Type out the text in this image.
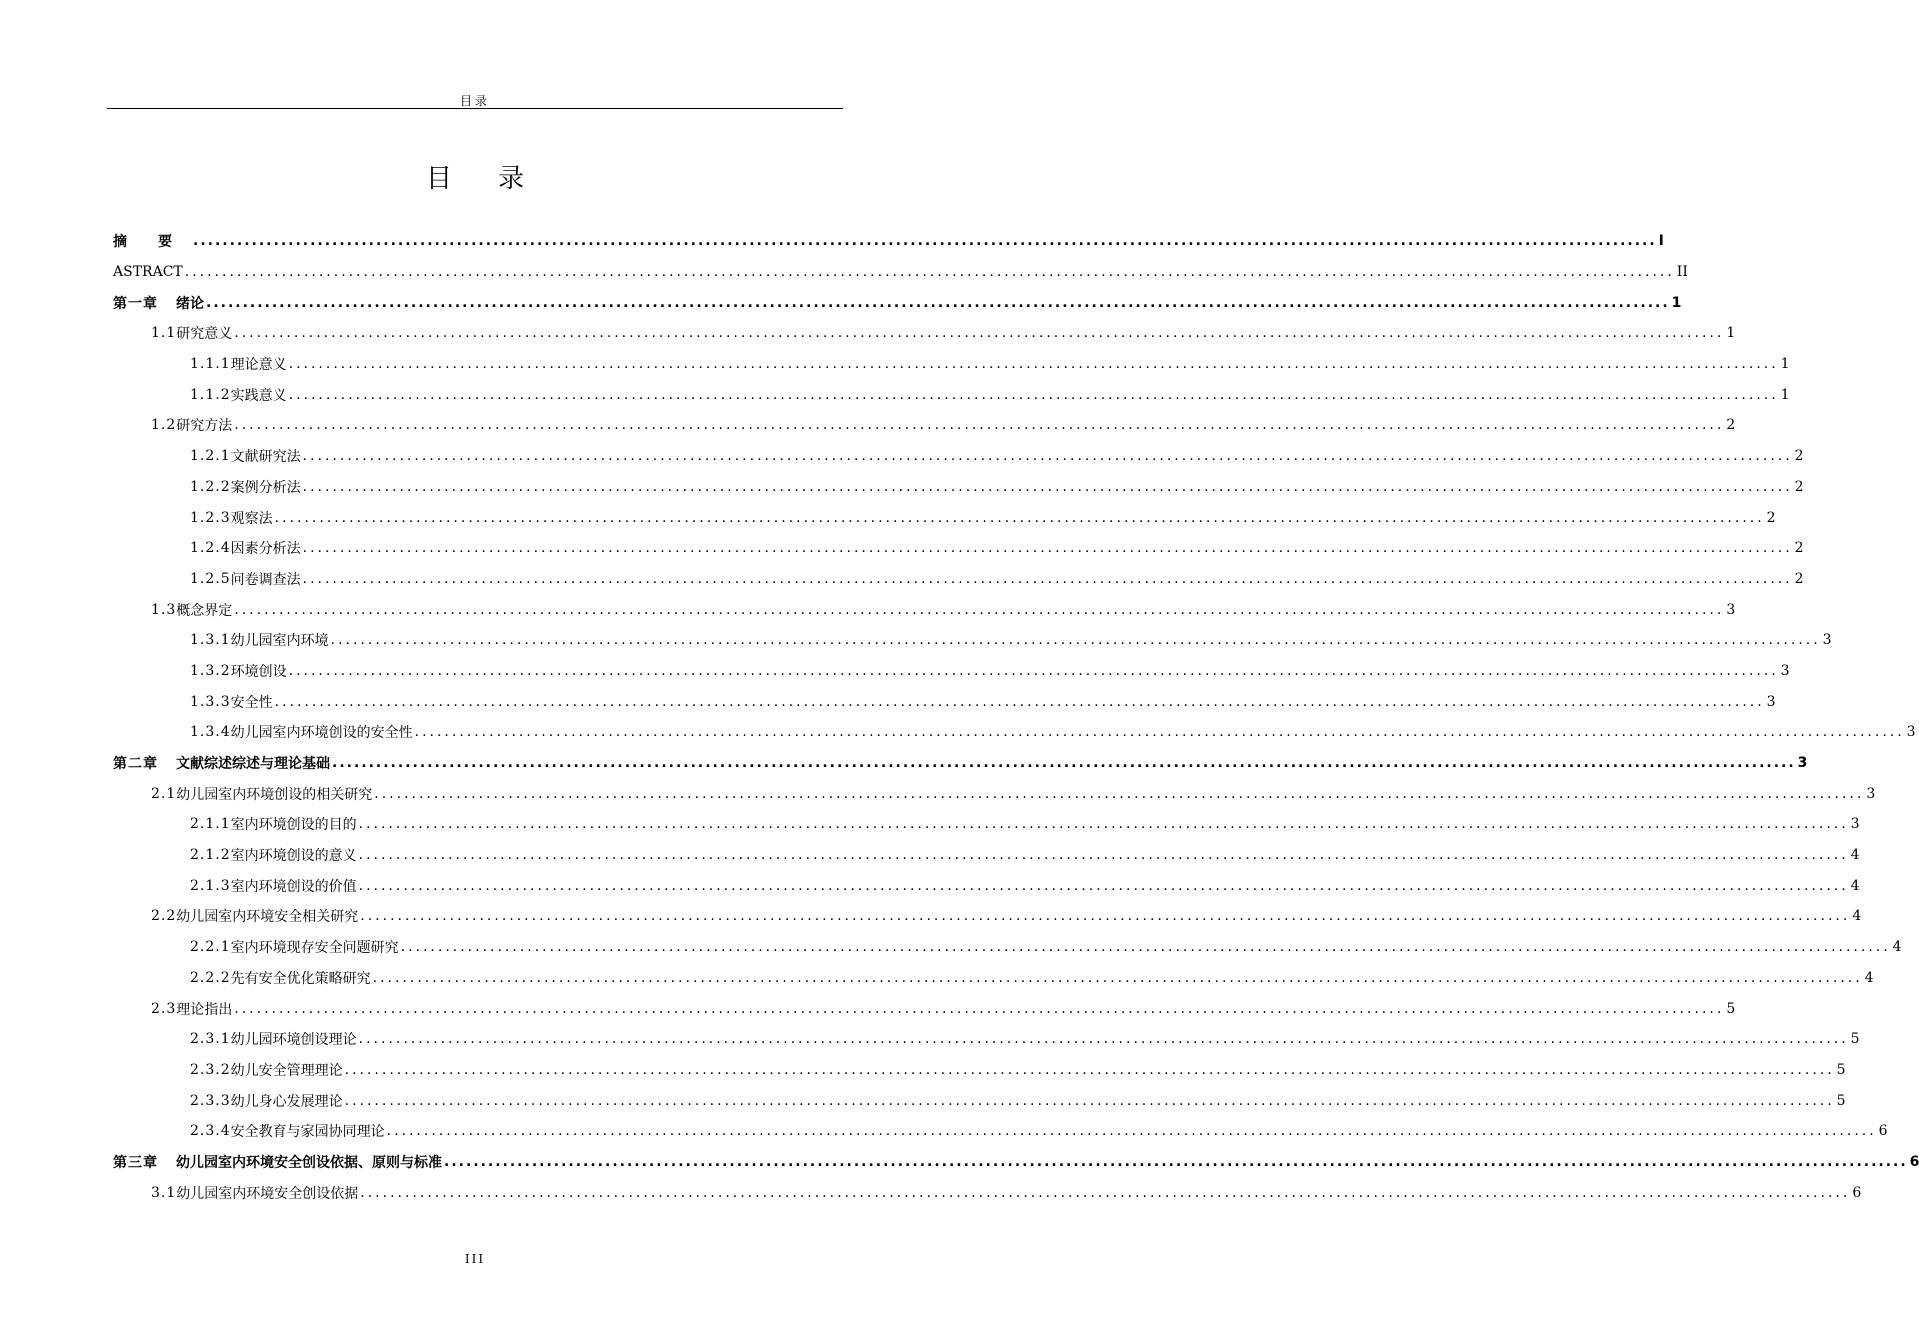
目录
目 录
摘　　要 ........................................................................................................................................................................................................ I
ASTRACT ........................................................................................................................................................................................................ II
第一章 绪论 ........................................................................................................................................................................................................ 1
1.1 研究意义 ........................................................................................................................................................................................................ 1
1.1.1 理论意义 ........................................................................................................................................................................................................ 1
1.1.2 实践意义 ........................................................................................................................................................................................................ 1
1.2 研究方法 ........................................................................................................................................................................................................ 2
1.2.1 文献研究法 ........................................................................................................................................................................................................ 2
1.2.2 案例分析法 ........................................................................................................................................................................................................ 2
1.2.3 观察法 ........................................................................................................................................................................................................ 2
1.2.4 因素分析法 ........................................................................................................................................................................................................ 2
1.2.5 问卷调查法 ........................................................................................................................................................................................................ 2
1.3 概念界定 ........................................................................................................................................................................................................ 3
1.3.1 幼儿园室内环境 ........................................................................................................................................................................................................ 3
1.3.2 环境创设 ........................................................................................................................................................................................................ 3
1.3.3 安全性 ........................................................................................................................................................................................................ 3
1.3.4 幼儿园室内环境创设的安全性 ........................................................................................................................................................................................................ 3
第二章 文献综述综述与理论基础 ........................................................................................................................................................................................................ 3
2.1 幼儿园室内环境创设的相关研究 ........................................................................................................................................................................................................ 3
2.1.1 室内环境创设的目的 ........................................................................................................................................................................................................ 3
2.1.2 室内环境创设的意义 ........................................................................................................................................................................................................ 4
2.1.3 室内环境创设的价值 ........................................................................................................................................................................................................ 4
2.2 幼儿园室内环境安全相关研究 ........................................................................................................................................................................................................ 4
2.2.1 室内环境现存安全问题研究 ........................................................................................................................................................................................................ 4
2.2.2 先有安全优化策略研究 ........................................................................................................................................................................................................ 4
2.3 理论指出 ........................................................................................................................................................................................................ 5
2.3.1 幼儿园环境创设理论 ........................................................................................................................................................................................................ 5
2.3.2 幼儿安全管理理论 ........................................................................................................................................................................................................ 5
2.3.3 幼儿身心发展理论 ........................................................................................................................................................................................................ 5
2.3.4 安全教育与家园协同理论 ........................................................................................................................................................................................................ 6
第三章 幼儿园室内环境安全创设依据、原则与标准 ........................................................................................................................................................................................................ 6
3.1 幼儿园室内环境安全创设依据 ........................................................................................................................................................................................................ 6
III
